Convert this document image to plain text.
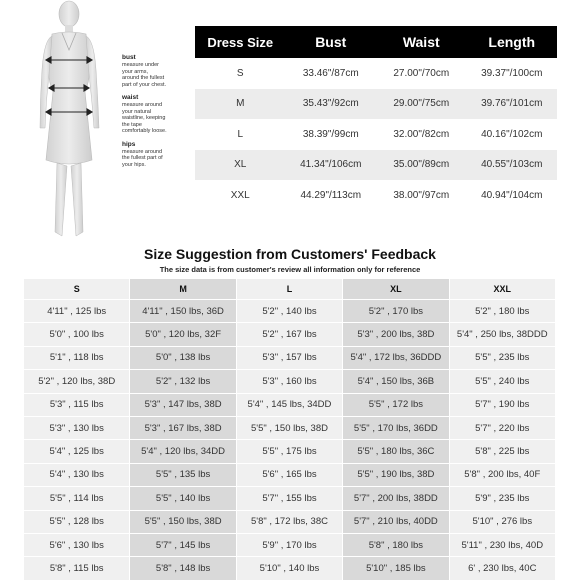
bust
measure under
your arms,
around the fullest
part of your chest.
waist
measure around
your natural
waistline, keeping
the tape
comfortably loose.
hips
measure around
the fullest part of
your hips.
Dress Size	Bust	Waist	Length
S	33.46"/87cm	27.00"/70cm	39.37"/100cm
M	35.43"/92cm	29.00"/75cm	39.76"/101cm
L	38.39"/99cm	32.00"/82cm	40.16"/102cm
XL	41.34"/106cm	35.00"/89cm	40.55"/103cm
XXL	44.29"/113cm	38.00"/97cm	40.94"/104cm
Size Suggestion from Customers' Feedback
The size data is from customer's review all information only for reference
S	M	L	XL	XXL
4'11" , 125 lbs	4'11" , 150 lbs, 36D	5'2" , 140 lbs	5'2" , 170 lbs	5'2" , 180 lbs
5'0" , 100 lbs	5'0" , 120 lbs, 32F	5'2" , 167 lbs	5'3" , 200 lbs, 38D	5'4" , 250 lbs, 38DDD
5'1" , 118 lbs	5'0" , 138 lbs	5'3" , 157 lbs	5'4" , 172 lbs, 36DDD	5'5" , 235 lbs
5'2" , 120 lbs, 38D	5'2" , 132 lbs	5'3" , 160 lbs	5'4" , 150 lbs, 36B	5'5" , 240 lbs
5'3" , 115 lbs	5'3" , 147 lbs, 38D	5'4" , 145 lbs, 34DD	5'5" , 172 lbs	5'7" , 190 lbs
5'3" , 130 lbs	5'3" , 167 lbs, 38D	5'5" , 150 lbs, 38D	5'5" , 170 lbs, 36DD	5'7" , 220 lbs
5'4" , 125 lbs	5'4" , 120 lbs, 34DD	5'5" , 175 lbs	5'5" , 180 lbs, 36C	5'8" , 225 lbs
5'4" , 130 lbs	5'5" , 135 lbs	5'6" , 165 lbs	5'5" , 190 lbs, 38D	5'8" , 200 lbs, 40F
5'5" , 114 lbs	5'5" , 140 lbs	5'7" , 155 lbs	5'7" , 200 lbs, 38DD	5'9" , 235 lbs
5'5" , 128 lbs	5'5" , 150 lbs, 38D	5'8" , 172 lbs, 38C	5'7" , 210 lbs, 40DD	5'10" , 276 lbs
5'6" , 130 lbs	5'7" , 145 lbs	5'9" , 170 lbs	5'8" , 180 lbs	5'11" , 230 lbs, 40D
5'8" , 115 lbs	5'8" , 148 lbs	5'10" , 140 lbs	5'10" , 185 lbs	6' , 230 lbs, 40C
